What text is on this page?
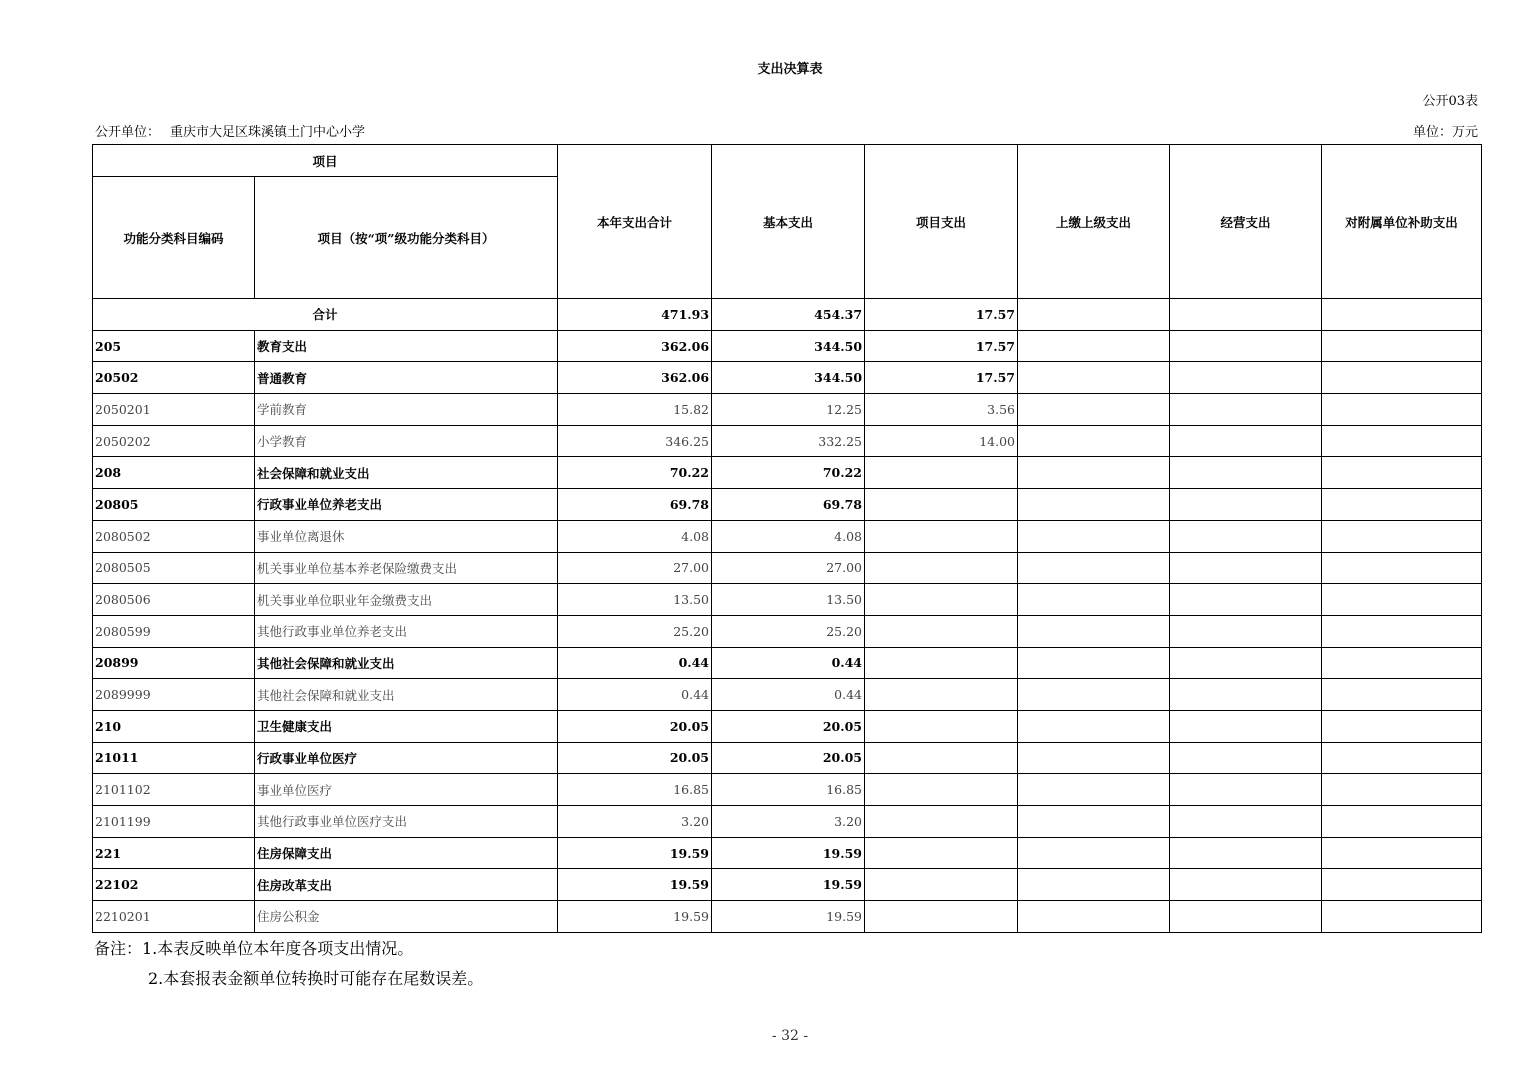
支出决算表
公开03表
公开单位： 重庆市大足区珠溪镇土门中心小学	单位：万元
项目		本年支出合计	基本支出	项目支出	上缴上级支出	经营支出	对附属单位补助支出
功能分类科目编码	项目（按“项”级功能分类科目）						
合计		471.93	454.37	17.57			
205	教育支出	362.06	344.50	17.57			
20502	普通教育	362.06	344.50	17.57			
2050201	学前教育	15.82	12.25	3.56			
2050202	小学教育	346.25	332.25	14.00			
208	社会保障和就业支出	70.22	70.22				
20805	行政事业单位养老支出	69.78	69.78				
2080502	事业单位离退休	4.08	4.08				
2080505	机关事业单位基本养老保险缴费支出	27.00	27.00				
2080506	机关事业单位职业年金缴费支出	13.50	13.50				
2080599	其他行政事业单位养老支出	25.20	25.20				
20899	其他社会保障和就业支出	0.44	0.44				
2089999	其他社会保障和就业支出	0.44	0.44				
210	卫生健康支出	20.05	20.05				
21011	行政事业单位医疗	20.05	20.05				
2101102	事业单位医疗	16.85	16.85				
2101199	其他行政事业单位医疗支出	3.20	3.20				
221	住房保障支出	19.59	19.59				
22102	住房改革支出	19.59	19.59				
2210201	住房公积金	19.59	19.59				
备注：1.本表反映单位本年度各项支出情况。
2.本套报表金额单位转换时可能存在尾数误差。
- 32 -
